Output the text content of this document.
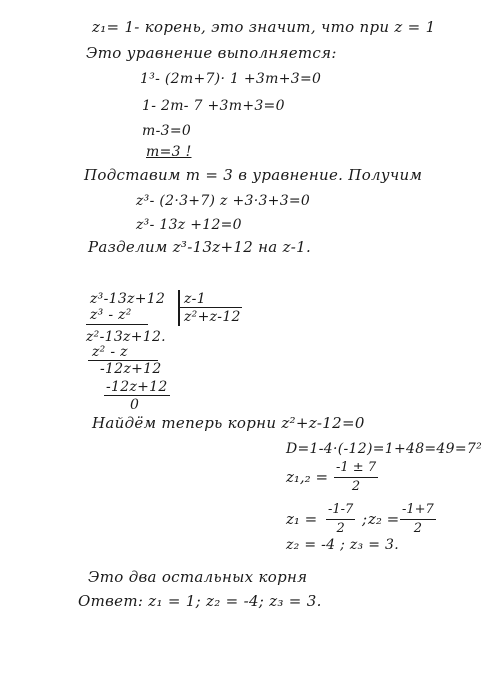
z₁= 1- корень, это значит, что при z = 1
Это уравнение выполняется:
1³- (2m+7)· 1 +3m+3=0
1- 2m- 7 +3m+3=0
m-3=0
m=3 !
Подставим m = 3 в уравнение. Получим
z³- (2·3+7) z +3·3+3=0
z³- 13z +12=0
Разделим z³-13z+12 на z-1.
z³-13z+12 z-1
z³ - z²	z²+z-12
z²-13z+12.
z² - z
-12z+12
-12z+12
0
Найдём теперь корни z²+z-12=0
D=1-4·(-12)=1+48=49=7²
$z_1,_2 = \frac{-1 \pm 7}{2}$
$z_1 = \frac{-1-7}{2}$ ; $z_2 = \frac{-1+7}{2}$
z₂ = -4 ; z₃ = 3.
Это два остальных корня
Ответ: z₁ = 1; z₂ = -4; z₃ = 3.
